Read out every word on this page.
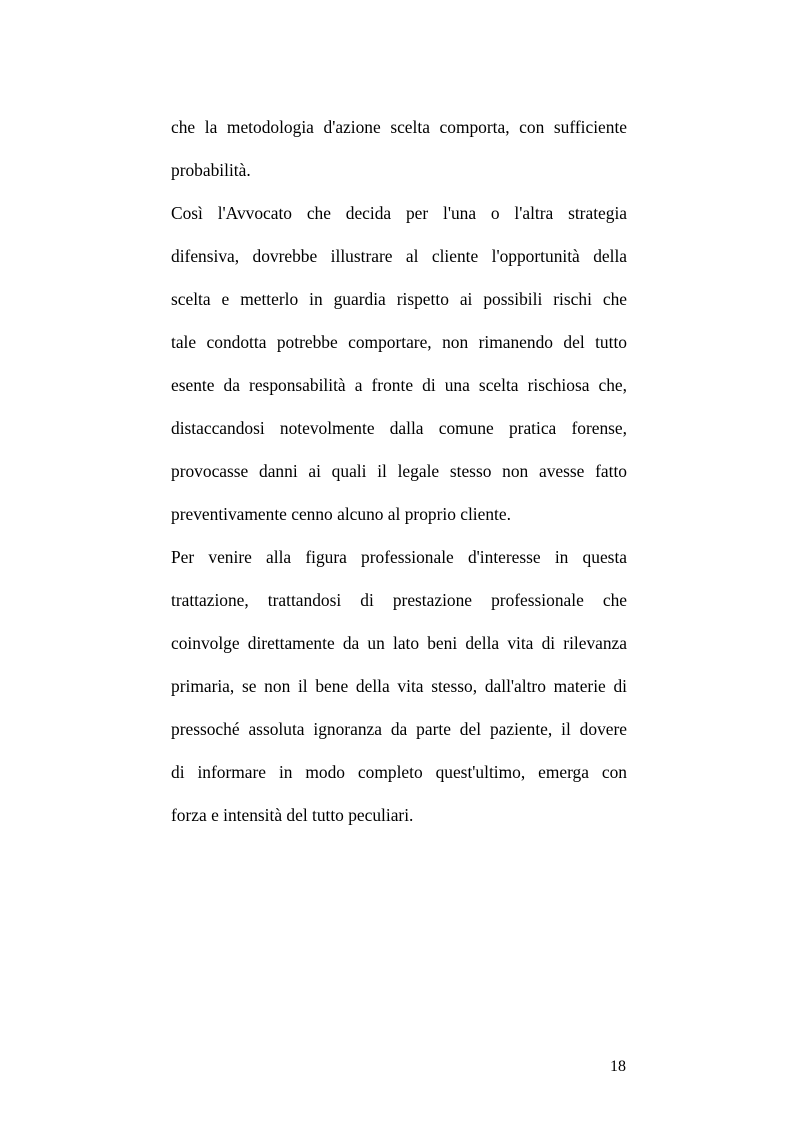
che la metodologia d'azione scelta comporta, con sufficiente
probabilità.
Così l'Avvocato che decida per l'una o l'altra strategia
difensiva, dovrebbe illustrare al cliente l'opportunità della
scelta e metterlo in guardia rispetto ai possibili rischi che
tale condotta potrebbe comportare, non rimanendo del tutto
esente da responsabilità a fronte di una scelta rischiosa che,
distaccandosi notevolmente dalla comune pratica forense,
provocasse danni ai quali il legale stesso non avesse fatto
preventivamente cenno alcuno al proprio cliente.
Per venire alla figura professionale d'interesse in questa
trattazione, trattandosi di prestazione professionale che
coinvolge direttamente da un lato beni della vita di rilevanza
primaria, se non il bene della vita stesso, dall'altro materie di
pressoché assoluta ignoranza da parte del paziente, il dovere
di informare in modo completo quest'ultimo, emerga con
forza e intensità del tutto peculiari.
18
